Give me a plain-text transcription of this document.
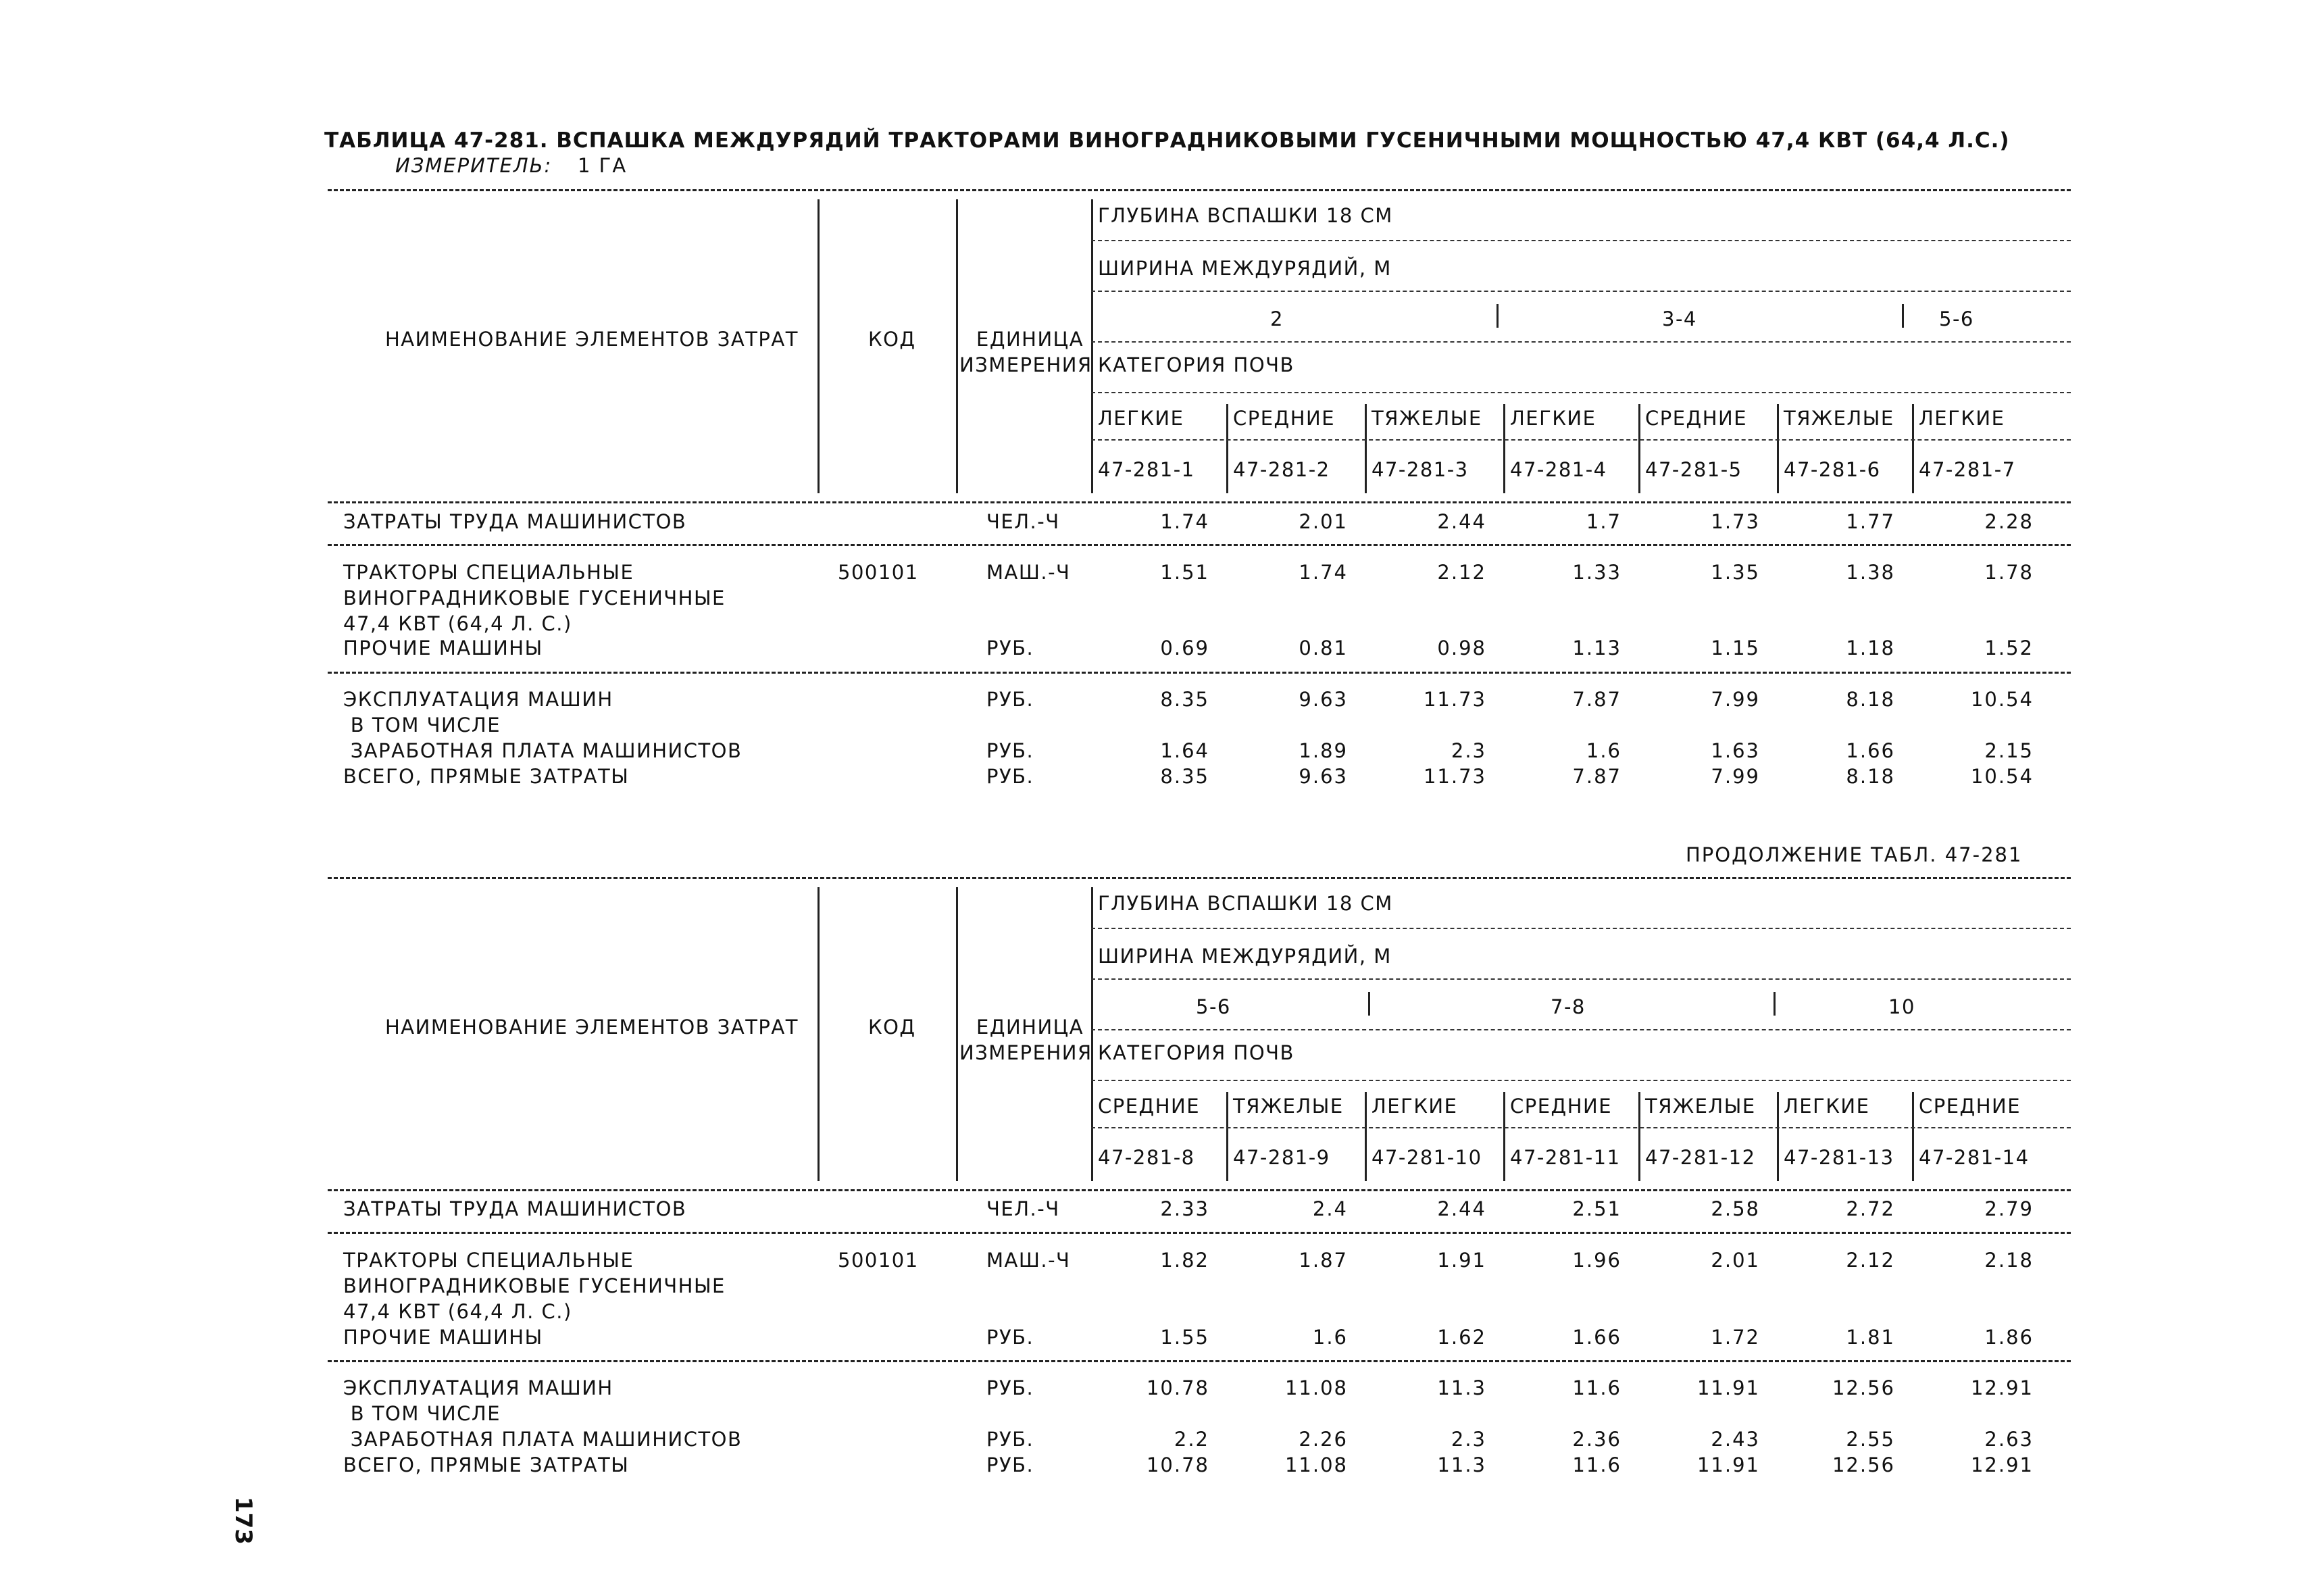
ТАБЛИЦА 47-281. ВСПАШКА МЕЖДУРЯДИЙ ТРАКТОРАМИ ВИНОГРАДНИКОВЫМИ ГУСЕНИЧНЫМИ МОЩНОСТЬЮ 47,4 КВТ (64,4 Л.С.)
ИЗМЕРИТЕЛЬ: 1 ГА
ПРОДОЛЖЕНИЕ ТАБЛ. 47-281
173
НАИМЕНОВАНИЕ ЭЛЕМЕНТОВ ЗАТРАТ	КОД	ЕДИНИЦА
ИЗМЕРЕНИЯ
ГЛУБИНА ВСПАШКИ 18 СМ
ШИРИНА МЕЖДУРЯДИЙ, М
2	3-4	5-6
КАТЕГОРИЯ ПОЧВ
ЛЕГКИЕ	СРЕДНИЕ ТЯЖЕЛЫЕ ЛЕГКИЕ	СРЕДНИЕ ТЯЖЕЛЫЕ ЛЕГКИЕ
47-281-1 47-281-2 47-281-3 47-281-4 47-281-5 47-281-6 47-281-7
ЗАТРАТЫ ТРУДА МАШИНИСТОВ	ЧЕЛ.-Ч	1.74	2.01	2.44	1.7	1.73	1.77	2.28
ТРАКТОРЫ СПЕЦИАЛЬНЫЕ	500101	МАШ.-Ч	1.51	1.74	2.12	1.33	1.35	1.38	1.78
ВИНОГРАДНИКОВЫЕ ГУСЕНИЧНЫЕ
47,4 КВТ (64,4 Л. С.)
ПРОЧИЕ МАШИНЫ	РУБ.	0.69	0.81	0.98	1.13	1.15	1.18	1.52
ЭКСПЛУАТАЦИЯ МАШИН	РУБ.	8.35	9.63	11.73	7.87	7.99	8.18	10.54
В ТОМ ЧИСЛЕ
ЗАРАБОТНАЯ ПЛАТА МАШИНИСТОВ	РУБ.	1.64	1.89	2.3	1.6	1.63	1.66	2.15
ВСЕГО, ПРЯМЫЕ ЗАТРАТЫ	РУБ.	8.35	9.63	11.73	7.87	7.99	8.18	10.54
НАИМЕНОВАНИЕ ЭЛЕМЕНТОВ ЗАТРАТ	КОД	ЕДИНИЦА
ИЗМЕРЕНИЯ
ГЛУБИНА ВСПАШКИ 18 СМ
ШИРИНА МЕЖДУРЯДИЙ, М
5-6	7-8	10
КАТЕГОРИЯ ПОЧВ
СРЕДНИЕ ТЯЖЕЛЫЕ ЛЕГКИЕ	СРЕДНИЕ ТЯЖЕЛЫЕ ЛЕГКИЕ	СРЕДНИЕ
47-281-8 47-281-9 47-281-10 47-281-11 47-281-12 47-281-13 47-281-14
ЗАТРАТЫ ТРУДА МАШИНИСТОВ	ЧЕЛ.-Ч	2.33	2.4	2.44	2.51	2.58	2.72	2.79
ТРАКТОРЫ СПЕЦИАЛЬНЫЕ	500101	МАШ.-Ч	1.82	1.87	1.91	1.96	2.01	2.12	2.18
ВИНОГРАДНИКОВЫЕ ГУСЕНИЧНЫЕ
47,4 КВТ (64,4 Л. С.)
ПРОЧИЕ МАШИНЫ	РУБ.	1.55	1.6	1.62	1.66	1.72	1.81	1.86
ЭКСПЛУАТАЦИЯ МАШИН	РУБ.	10.78	11.08	11.3	11.6	11.91	12.56	12.91
В ТОМ ЧИСЛЕ
ЗАРАБОТНАЯ ПЛАТА МАШИНИСТОВ	РУБ.	2.2	2.26	2.3	2.36	2.43	2.55	2.63
ВСЕГО, ПРЯМЫЕ ЗАТРАТЫ	РУБ.	10.78	11.08	11.3	11.6	11.91	12.56	12.91
